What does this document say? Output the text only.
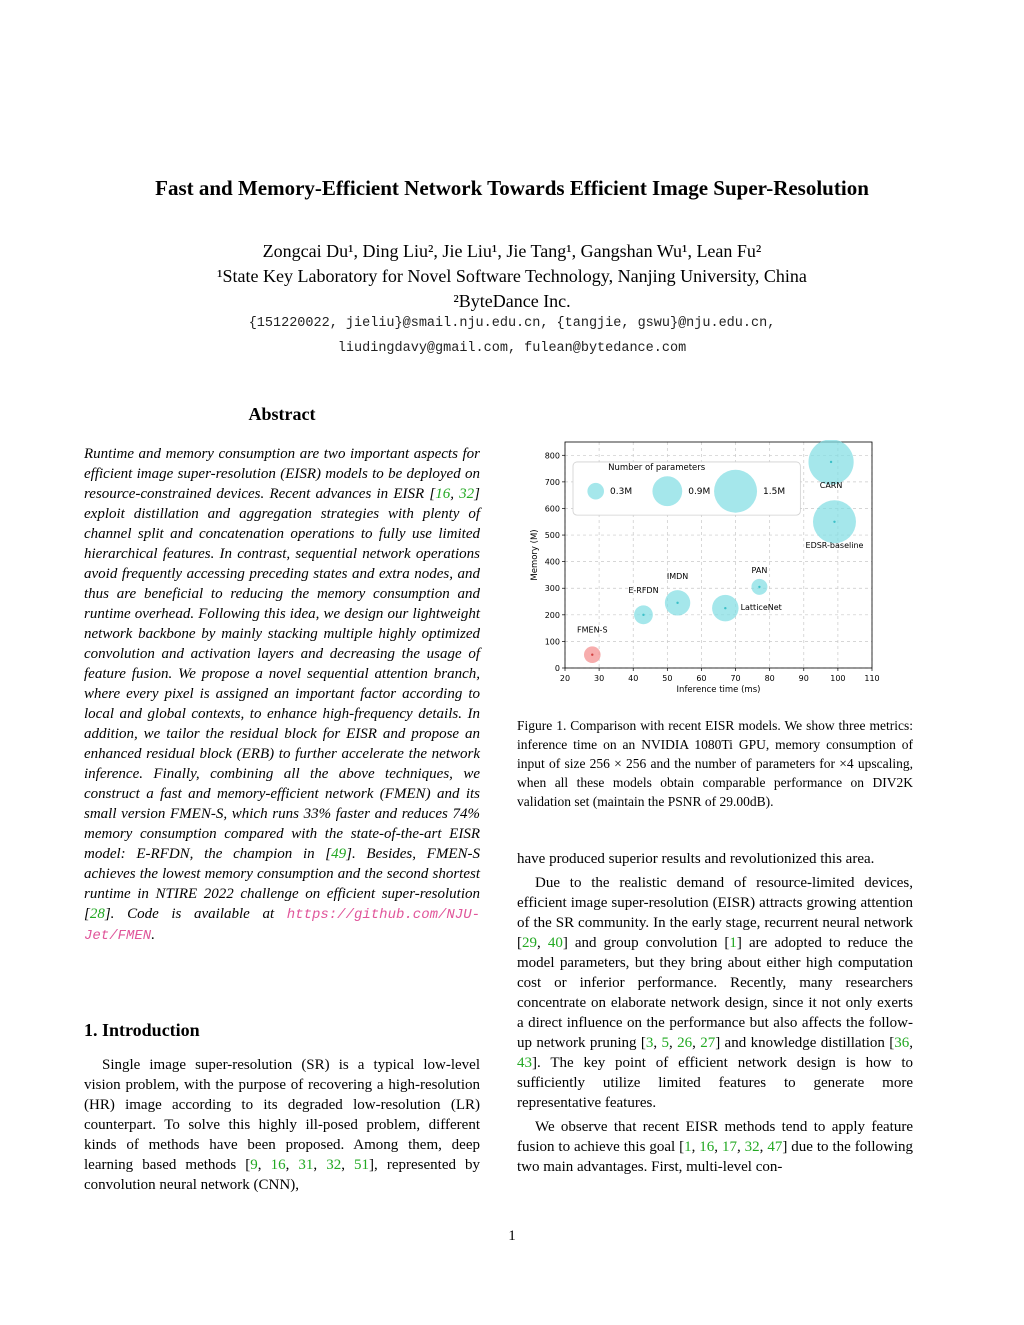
Fast and Memory-Efficient Network Towards Efficient Image Super-Resolution
Zongcai Du¹, Ding Liu², Jie Liu¹, Jie Tang¹, Gangshan Wu¹, Lean Fu²
¹State Key Laboratory for Novel Software Technology, Nanjing University, China
²ByteDance Inc.
{151220022, jieliu}@smail.nju.edu.cn, {tangjie, gswu}@nju.edu.cn,
liudingdavy@gmail.com, fulean@bytedance.com
Abstract
Runtime and memory consumption are two important aspects for efficient image super-resolution (EISR) models to be deployed on resource-constrained devices. Recent advances in EISR [16, 32] exploit distillation and aggregation strategies with plenty of channel split and concatenation operations to fully use limited hierarchical features. In contrast, sequential network operations avoid frequently accessing preceding states and extra nodes, and thus are beneficial to reducing the memory consumption and runtime overhead. Following this idea, we design our lightweight network backbone by mainly stacking multiple highly optimized convolution and activation layers and decreasing the usage of feature fusion. We propose a novel sequential attention branch, where every pixel is assigned an important factor according to local and global contexts, to enhance high-frequency details. In addition, we tailor the residual block for EISR and propose an enhanced residual block (ERB) to further accelerate the network inference. Finally, combining all the above techniques, we construct a fast and memory-efficient network (FMEN) and its small version FMEN-S, which runs 33% faster and reduces 74% memory consumption compared with the state-of-the-art EISR model: E-RFDN, the champion in [49]. Besides, FMEN-S achieves the lowest memory consumption and the second shortest runtime in NTIRE 2022 challenge on efficient super-resolution [28]. Code is available at https://github.com/NJU-Jet/FMEN.
1. Introduction
Single image super-resolution (SR) is a typical low-level vision problem, with the purpose of recovering a high-resolution (HR) image according to its degraded low-resolution (LR) counterpart. To solve this highly ill-posed problem, different kinds of methods have been proposed. Among them, deep learning based methods [9, 16, 31, 32, 51], represented by convolution neural network (CNN),
20	30	40	50	60	70	80	90	100 110
0
100
200
300
400
500
600
700
800
Number of parameters
0.3M	0.9M	1.5M
FMEN-S
E-RFDN
IMDN
LatticeNet
PAN
CARN
EDSR-baseline
Inference time (ms)
Memory (M)
Figure 1. Comparison with recent EISR models. We show three metrics: inference time on an NVIDIA 1080Ti GPU, memory consumption of input of size 256 × 256 and the number of parameters for ×4 upscaling, when all these models obtain comparable performance on DIV2K validation set (maintain the PSNR of 29.00dB).

have produced superior results and revolutionized this area.

Due to the realistic demand of resource-limited devices, efficient image super-resolution (EISR) attracts growing attention of the SR community. In the early stage, recurrent neural network [29, 40] and group convolution [1] are adopted to reduce the model parameters, but they bring about either high computation cost or inferior performance. Recently, many researchers concentrate on elaborate network design, since it not only exerts a direct influence on the performance but also affects the follow-up network pruning [3, 5, 26, 27] and knowledge distillation [36, 43]. The key point of efficient network design is how to sufficiently utilize limited features to generate more representative features.

We observe that recent EISR methods tend to apply feature fusion to achieve this goal [1, 16, 17, 32, 47] due to the following two main advantages. First, multi-level con-

1
